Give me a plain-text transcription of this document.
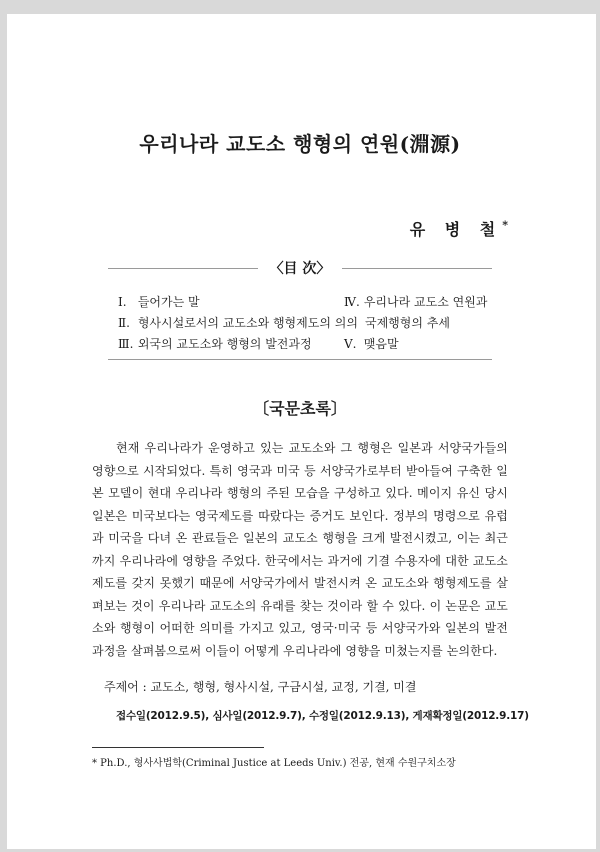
우리나라 교도소 행형의 연원(淵源)
유 병 철*
〈目 次〉
Ⅰ. 들어가는 말
Ⅱ. 형사시설로서의 교도소와 행형제도의 의의
Ⅲ. 외국의 교도소와 행형의 발전과정
Ⅳ. 우리나라 교도소 연원과
국제행형의 추세
Ⅴ. 맺음말
〔국문초록〕

현재 우리나라가 운영하고 있는 교도소와 그 행형은 일본과 서양국가들의 영향으로 시작되었다. 특히 영국과 미국 등 서양국가로부터 받아들여 구축한 일본 모델이 현대 우리나라 행형의 주된 모습을 구성하고 있다. 메이지 유신 당시 일본은 미국보다는 영국제도를 따랐다는 증거도 보인다. 정부의 명령으로 유럽과 미국을 다녀 온 관료들은 일본의 교도소 행형을 크게 발전시켰고, 이는 최근까지 우리나라에 영향을 주었다. 한국에서는 과거에 기결 수용자에 대한 교도소제도를 갖지 못했기 때문에 서양국가에서 발전시켜 온 교도소와 행형제도를 살펴보는 것이 우리나라 교도소의 유래를 찾는 것이라 할 수 있다. 이 논문은 교도소와 행형이 어떠한 의미를 가지고 있고, 영국·미국 등 서양국가와 일본의 발전과정을 살펴봄으로써 이들이 어떻게 우리나라에 영향을 미쳤는지를 논의한다.

주제어 : 교도소, 행형, 형사시설, 구금시설, 교정, 기결, 미결
접수일(2012.9.5), 심사일(2012.9.7), 수정일(2012.9.13), 게재확정일(2012.9.17)
* Ph.D., 형사사법학(Criminal Justice at Leeds Univ.) 전공, 현재 수원구치소장
